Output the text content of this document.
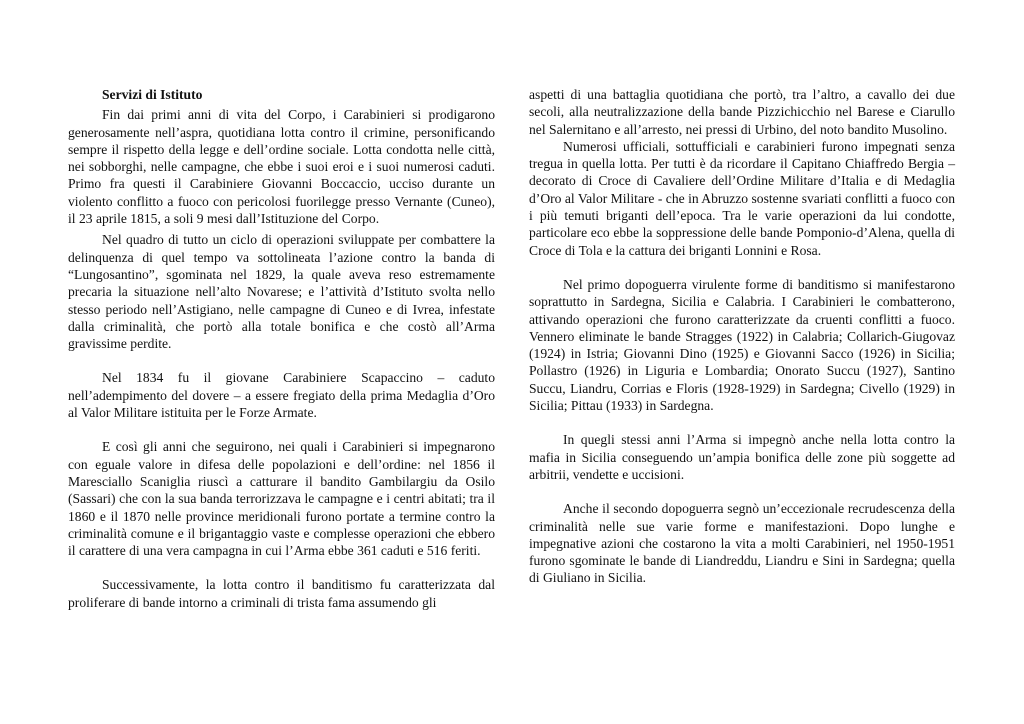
Servizi di Istituto

Fin dai primi anni di vita del Corpo, i Carabinieri si prodigarono generosamente nell’aspra, quotidiana lotta contro il crimine, personificando sempre il rispetto della legge e dell’ordine sociale. Lotta condotta nelle città, nei sobborghi, nelle campagne, che ebbe i suoi eroi e i suoi numerosi caduti. Primo fra questi il Carabiniere Giovanni Boccaccio, ucciso durante un violento conflitto a fuoco con pericolosi fuorilegge presso Vernante (Cuneo), il 23 aprile 1815, a soli 9 mesi dall’Istituzione del Corpo.

Nel quadro di tutto un ciclo di operazioni sviluppate per combattere la delinquenza di quel tempo va sottolineata l’azione contro la banda di “Lungosantino”, sgominata nel 1829, la quale aveva reso estremamente precaria la situazione nell’alto Novarese; e l’attività d’Istituto svolta nello stesso periodo nell’Astigiano, nelle campagne di Cuneo e di Ivrea, infestate dalla criminalità, che portò alla totale bonifica e che costò all’Arma gravissime perdite.

Nel 1834 fu il giovane Carabiniere Scapaccino – caduto nell’adempimento del dovere – a essere fregiato della prima Medaglia d’Oro al Valor Militare istituita per le Forze Armate.

E così gli anni che seguirono, nei quali i Carabinieri si impegnarono con eguale valore in difesa delle popolazioni e dell’ordine: nel 1856 il Maresciallo Scaniglia riuscì a catturare il bandito Gambilargiu da Osilo (Sassari) che con la sua banda terrorizzava le campagne e i centri abitati; tra il 1860 e il 1870 nelle province meridionali furono portate a termine contro la criminalità comune e il brigantaggio vaste e complesse operazioni che ebbero il carattere di una vera campagna in cui l’Arma ebbe 361 caduti e 516 feriti.

Successivamente, la lotta contro il banditismo fu caratterizzata dal proliferare di bande intorno a criminali di trista fama assumendo gli

aspetti di una battaglia quotidiana che portò, tra l’altro, a cavallo dei due secoli, alla neutralizzazione della bande Pizzichicchio nel Barese e Ciarullo nel Salernitano e all’arresto, nei pressi di Urbino, del noto bandito Musolino.

Numerosi ufficiali, sottufficiali e carabinieri furono impegnati senza tregua in quella lotta. Per tutti è da ricordare il Capitano Chiaffredo Bergia – decorato di Croce di Cavaliere dell’Ordine Militare d’Italia e di Medaglia d’Oro al Valor Militare - che in Abruzzo sostenne svariati conflitti a fuoco con i più temuti briganti dell’epoca. Tra le varie operazioni da lui condotte, particolare eco ebbe la soppressione delle bande Pomponio-d’Alena, quella di Croce di Tola e la cattura dei briganti Lonnini e Rosa.

Nel primo dopoguerra virulente forme di banditismo si manifestarono soprattutto in Sardegna, Sicilia e Calabria. I Carabinieri le combatterono, attivando operazioni che furono caratterizzate da cruenti conflitti a fuoco. Vennero eliminate le bande Stragges (1922) in Calabria; Collarich-Giugovaz (1924) in Istria; Giovanni Dino (1925) e Giovanni Sacco (1926) in Sicilia; Pollastro (1926) in Liguria e Lombardia; Onorato Succu (1927), Santino Succu, Liandru, Corrias e Floris (1928-1929) in Sardegna; Civello (1929) in Sicilia; Pittau (1933) in Sardegna.

In quegli stessi anni l’Arma si impegnò anche nella lotta contro la mafia in Sicilia conseguendo un’ampia bonifica delle zone più soggette ad arbitrii, vendette e uccisioni.

Anche il secondo dopoguerra segnò un’eccezionale recrudescenza della criminalità nelle sue varie forme e manifestazioni. Dopo lunghe e impegnative azioni che costarono la vita a molti Carabinieri, nel 1950-1951 furono sgominate le bande di Liandreddu, Liandru e Sini in Sardegna; quella di Giuliano in Sicilia.
